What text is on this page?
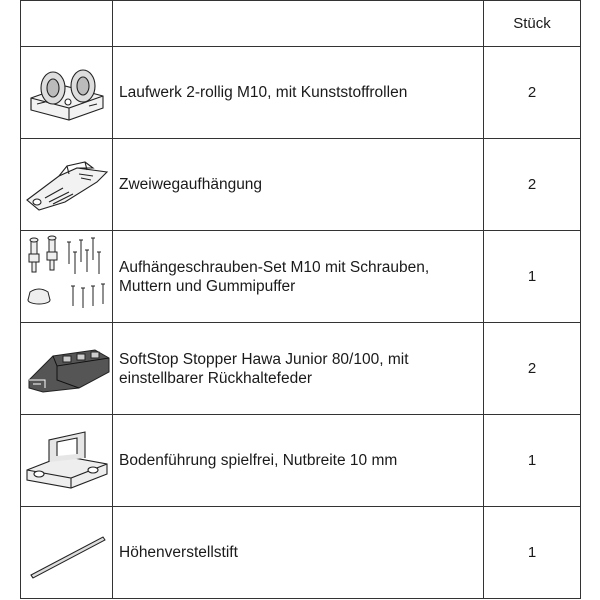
		Stück

Laufwerk 2-rollig M10, mit Kunststoffrollen	2

Zweiwegaufhängung	2

Aufhängeschrauben-Set M10 mit Schrauben,
Muttern und Gummipuffer	1

SoftStop Stopper Hawa Junior 80/100, mit
einstellbarer Rückhaltefeder	2

Bodenführung spielfrei, Nutbreite 10 mm	1

Höhenverstellstift	1
